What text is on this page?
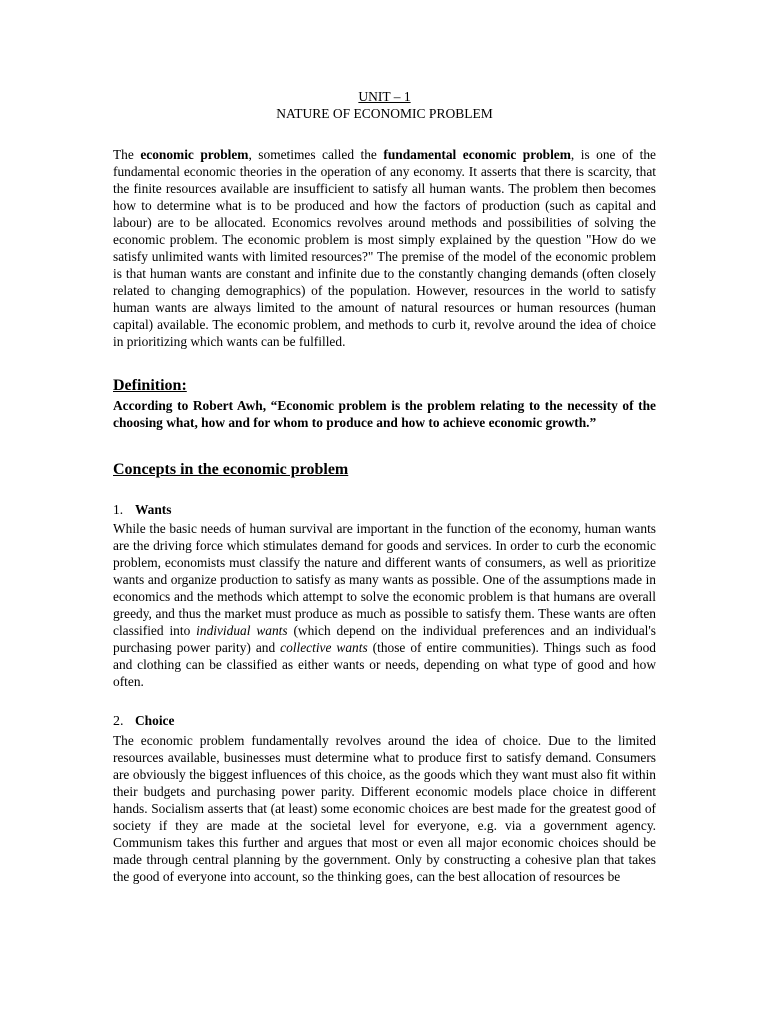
UNIT – 1

NATURE OF ECONOMIC PROBLEM

The economic problem, sometimes called the fundamental economic problem, is one of the fundamental economic theories in the operation of any economy. It asserts that there is scarcity, that the finite resources available are insufficient to satisfy all human wants. The problem then becomes how to determine what is to be produced and how the factors of production (such as capital and labour) are to be allocated. Economics revolves around methods and possibilities of solving the economic problem. The economic problem is most simply explained by the question "How do we satisfy unlimited wants with limited resources?" The premise of the model of the economic problem is that human wants are constant and infinite due to the constantly changing demands (often closely related to changing demographics) of the population. However, resources in the world to satisfy human wants are always limited to the amount of natural resources or human resources (human capital) available. The economic problem, and methods to curb it, revolve around the idea of choice in prioritizing which wants can be fulfilled.

Definition:

According to Robert Awh, “Economic problem is the problem relating to the necessity of the choosing what, how and for whom to produce and how to achieve economic growth.”

Concepts in the economic problem
1. Wants

While the basic needs of human survival are important in the function of the economy, human wants are the driving force which stimulates demand for goods and services. In order to curb the economic problem, economists must classify the nature and different wants of consumers, as well as prioritize wants and organize production to satisfy as many wants as possible. One of the assumptions made in economics and the methods which attempt to solve the economic problem is that humans are overall greedy, and thus the market must produce as much as possible to satisfy them. These wants are often classified into individual wants (which depend on the individual preferences and an individual's purchasing power parity) and collective wants (those of entire communities). Things such as food and clothing can be classified as either wants or needs, depending on what type of good and how often.

2. Choice

The economic problem fundamentally revolves around the idea of choice. Due to the limited resources available, businesses must determine what to produce first to satisfy demand. Consumers are obviously the biggest influences of this choice, as the goods which they want must also fit within their budgets and purchasing power parity. Different economic models place choice in different hands. Socialism asserts that (at least) some economic choices are best made for the greatest good of society if they are made at the societal level for everyone, e.g. via a government agency. Communism takes this further and argues that most or even all major economic choices should be made through central planning by the government. Only by constructing a cohesive plan that takes the good of everyone into account, so the thinking goes, can the best allocation of resources be
